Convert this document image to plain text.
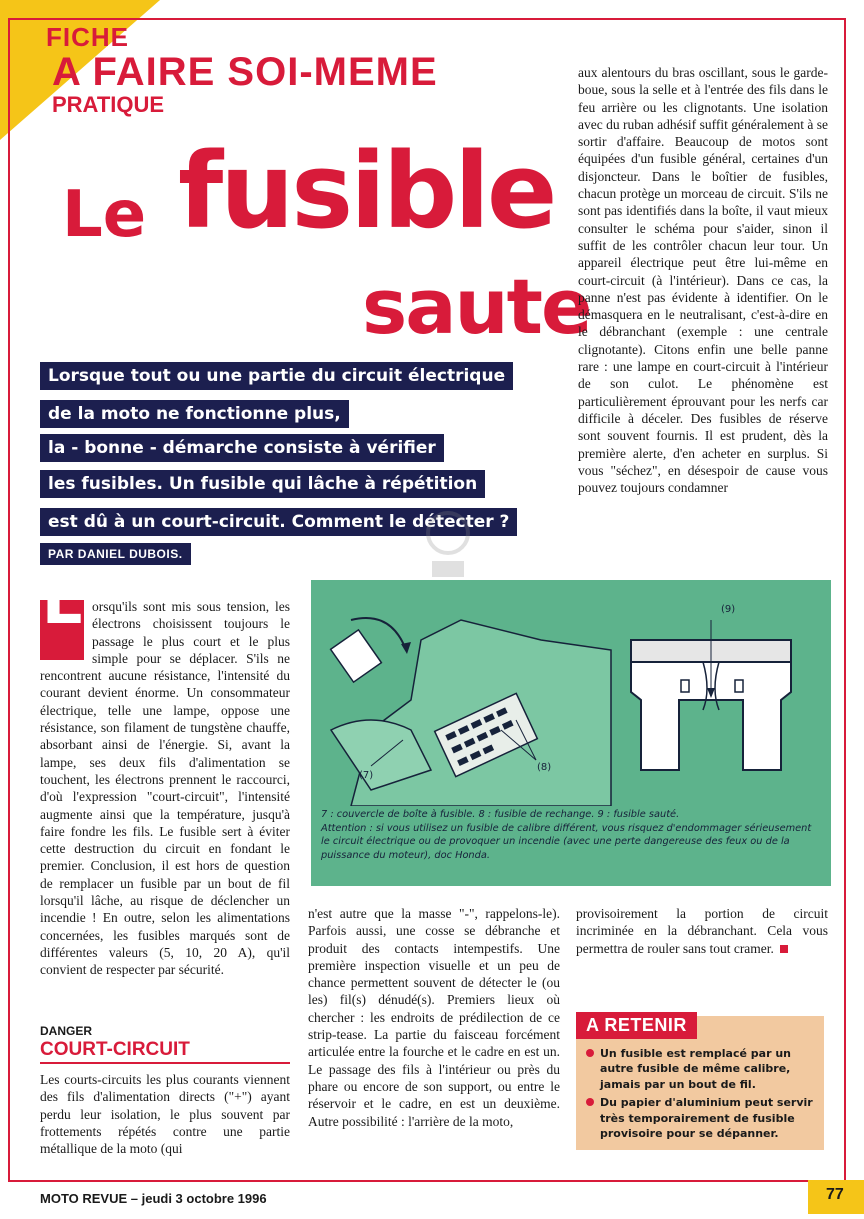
FICHE
A FAIRE SOI-MEME
PRATIQUE
Le fusible
saute
Lorsque tout ou une partie du circuit électrique
de la moto ne fonctionne plus,
la - bonne - démarche consiste à vérifier
les fusibles. Un fusible qui lâche à répétition
est dû à un court-circuit. Comment le détecter ?
PAR DANIEL DUBOIS.

aux alentours du bras oscillant, sous le garde-boue, sous la selle et à l'entrée des fils dans le feu arrière ou les clignotants. Une isolation avec du ruban adhésif suffit généralement à se sortir d'affaire. Beaucoup de motos sont équipées d'un fusible général, certaines d'un disjoncteur. Dans le boîtier de fusibles, chacun protège un morceau de circuit. S'ils ne sont pas identifiés dans la boîte, il vaut mieux consulter le schéma pour s'aider, sinon il suffit de les contrôler chacun leur tour. Un appareil électrique peut être lui-même en court-circuit (à l'intérieur). Dans ce cas, la panne n'est pas évidente à identifier. On le démasquera en le neutralisant, c'est-à-dire en le débranchant (exemple : une centrale clignotante). Citons enfin une belle panne rare : une lampe en court-circuit à l'intérieur de son culot. Le phénomène est particulièrement éprouvant pour les nerfs car difficile à déceler. Des fusibles de réserve sont souvent fournis. Il est prudent, dès la première alerte, d'en acheter en surplus. Si vous "séchez", en désespoir de cause vous pouvez toujours condamner

L orsqu'ils sont mis sous tension, les électrons choisissent toujours le passage le plus court et le plus simple pour se déplacer. S'ils ne rencontrent aucune résistance, l'intensité du courant devient énorme. Un consommateur électrique, telle une lampe, oppose une résistance, son filament de tungstène chauffe, absorbant ainsi de l'énergie. Si, avant la lampe, ses deux fils d'alimentation se touchent, les électrons prennent le raccourci, d'où l'expression "court-circuit", l'intensité augmente ainsi que la température, jusqu'à faire fondre les fils. Le fusible sert à éviter cette destruction du circuit en fondant le premier. Conclusion, il est hors de question de remplacer un fusible par un bout de fil lorsqu'il lâche, au risque de déclencher un incendie ! En outre, selon les alimentations concernées, les fusibles marqués sont de différentes valeurs (5, 10, 20 A), qu'il convient de respecter par sécurité.

DANGER
COURT-CIRCUIT

Les courts-circuits les plus courants viennent des fils d'alimentation directs ("+") ayant perdu leur isolation, le plus souvent par frottements répétés contre une partie métallique de la moto (qui

n'est autre que la masse "-", rappelons-le). Parfois aussi, une cosse se débranche et produit des contacts intempestifs. Une première inspection visuelle et un peu de chance permettent souvent de détecter le (ou les) fil(s) dénudé(s). Premiers lieux où chercher : les endroits de prédilection de ce strip-tease. La partie du faisceau forcément articulée entre la fourche et le cadre en est un. Le passage des fils à l'intérieur ou près du phare ou encore de son support, ou entre le réservoir et le cadre, en est un deuxième. Autre possibilité : l'arrière de la moto,

provisoirement la portion de circuit incriminée en la débranchant. Cela vous permettra de rouler sans tout cramer.

(7)
(8)
(9)
7 : couvercle de boîte à fusible. 8 : fusible de rechange. 9 : fusible sauté.
Attention : si vous utilisez un fusible de calibre différent, vous risquez d'endommager sérieusement le circuit électrique ou de provoquer un incendie (avec une perte dangereuse des feux ou de la puissance du moteur), doc Honda.
A RETENIR
Un fusible est remplacé par un autre fusible de même calibre, jamais par un bout de fil.
Du papier d'aluminium peut servir très temporairement de fusible provisoire pour se dépanner.
MOTO REVUE – jeudi 3 octobre 1996	77
